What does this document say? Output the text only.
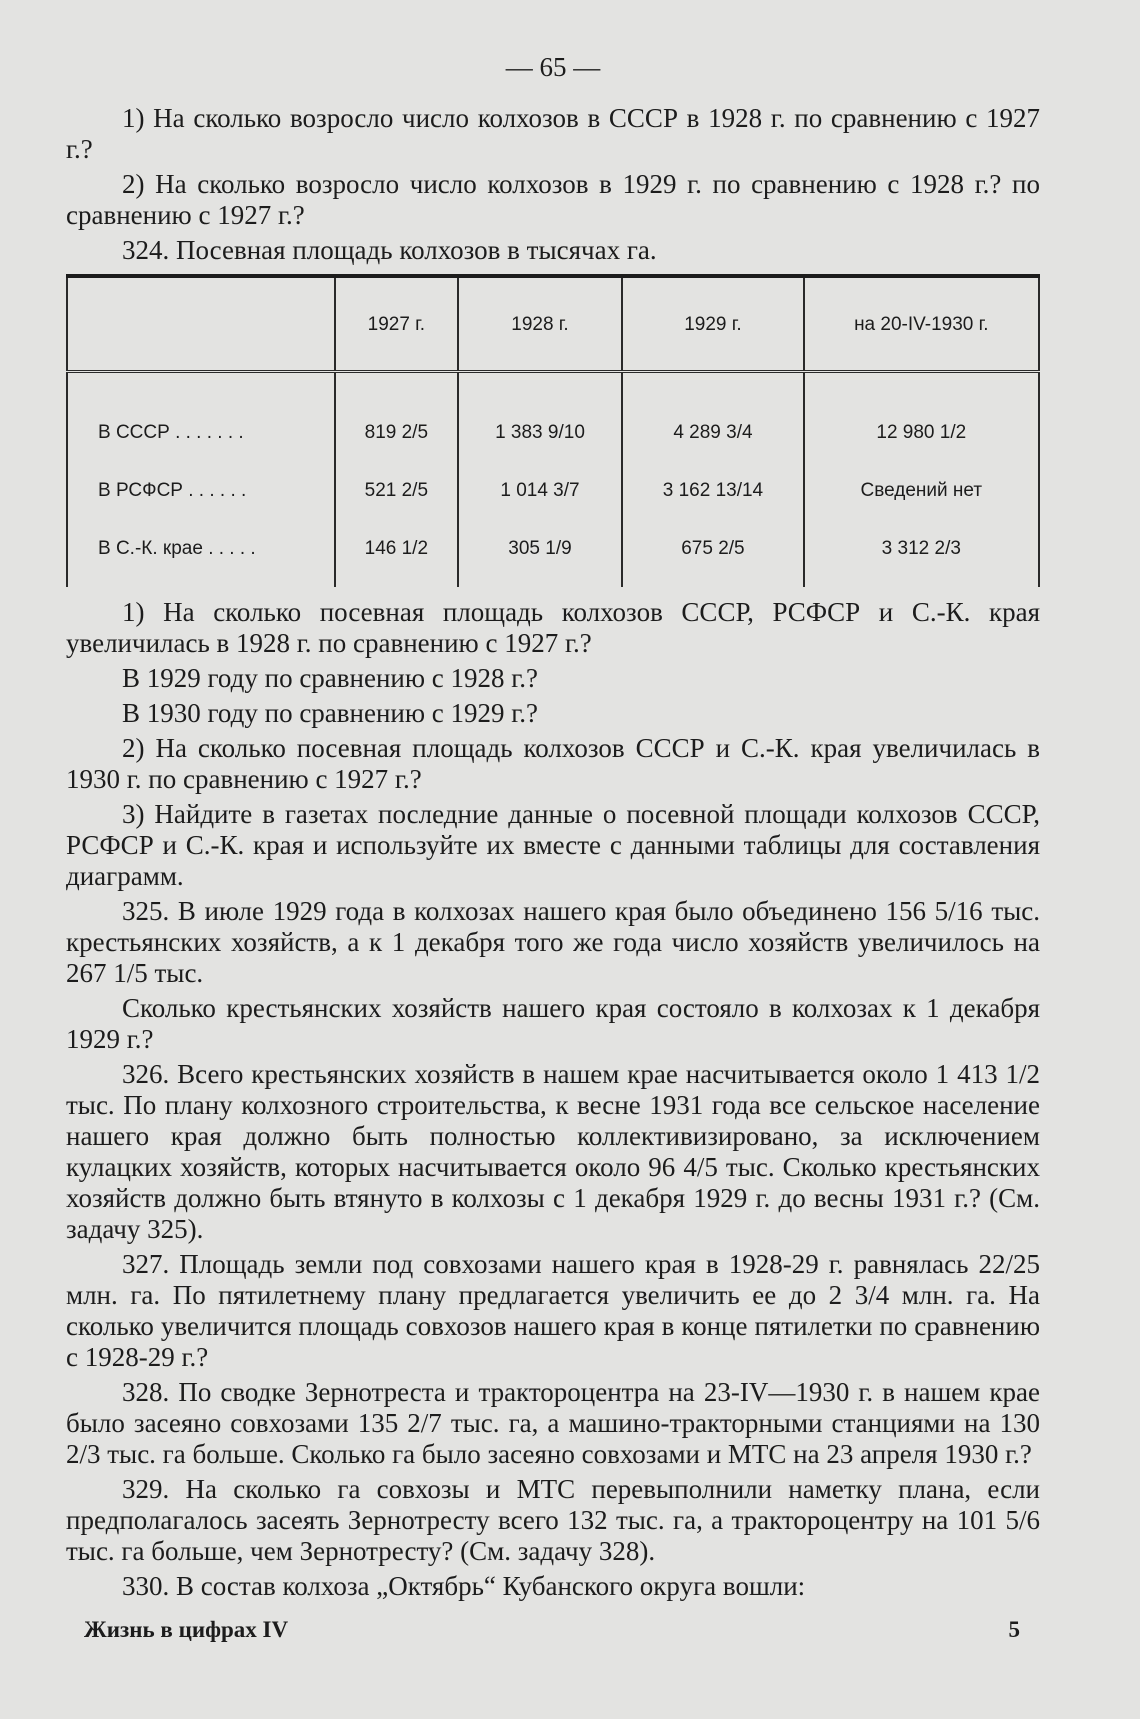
— 65 —

1) На сколько возросло число колхозов в СССР в 1928 г. по сравнению с 1927 г.?

2) На сколько возросло число колхозов в 1929 г. по сравнению с 1928 г.? по сравнению с 1927 г.?

324. Посевная площадь колхозов в тысячах га.

	1927 г.	1928 г.	1929 г.	на 20-IV-1930 г.
В СССР . . . . . . .	819 2/5	1 383 9/10	4 289 3/4	12 980 1/2
В РСФСР . . . . . .	521 2/5	1 014 3/7	3 162 13/14	Сведений нет
В С.-К. крае . . . . .	146 1/2	305 1/9	675 2/5	3 312 2/3

1) На сколько посевная площадь колхозов СССР, РСФСР и С.-К. края увеличилась в 1928 г. по сравнению с 1927 г.?

В 1929 году по сравнению с 1928 г.?

В 1930 году по сравнению с 1929 г.?

2) На сколько посевная площадь колхозов СССР и С.-К. края увеличилась в 1930 г. по сравнению с 1927 г.?

3) Найдите в газетах последние данные о посевной площади колхозов СССР, РСФСР и С.-К. края и используйте их вместе с данными таблицы для составления диаграмм.

325. В июле 1929 года в колхозах нашего края было объединено 156 5/16 тыс. крестьянских хозяйств, а к 1 декабря того же года число хозяйств увеличилось на 267 1/5 тыс.

Сколько крестьянских хозяйств нашего края состояло в колхозах к 1 декабря 1929 г.?

326. Всего крестьянских хозяйств в нашем крае насчитывается около 1 413 1/2 тыс. По плану колхозного строительства, к весне 1931 года все сельское население нашего края должно быть полностью коллективизировано, за исключением кулацких хозяйств, которых насчитывается около 96 4/5 тыс. Сколько крестьянских хозяйств должно быть втянуто в колхозы с 1 декабря 1929 г. до весны 1931 г.? (См. задачу 325).

327. Площадь земли под совхозами нашего края в 1928-29 г. равнялась 22/25 млн. га. По пятилетнему плану предлагается увеличить ее до 2 3/4 млн. га. На сколько увеличится площадь совхозов нашего края в конце пятилетки по сравнению с 1928-29 г.?

328. По сводке Зернотреста и трактороцентра на 23-IV—1930 г. в нашем крае было засеяно совхозами 135 2/7 тыс. га, а машино-тракторными станциями на 130 2/3 тыс. га больше. Сколько га было засеяно совхозами и МТС на 23 апреля 1930 г.?

329. На сколько га совхозы и МТС перевыполнили наметку плана, если предполагалось засеять Зернотресту всего 132 тыс. га, а трактороцентру на 101 5/6 тыс. га больше, чем Зернотресту? (См. задачу 328).

330. В состав колхоза „Октябрь“ Кубанского округа вошли:

Жизнь в цифрах IV	5
